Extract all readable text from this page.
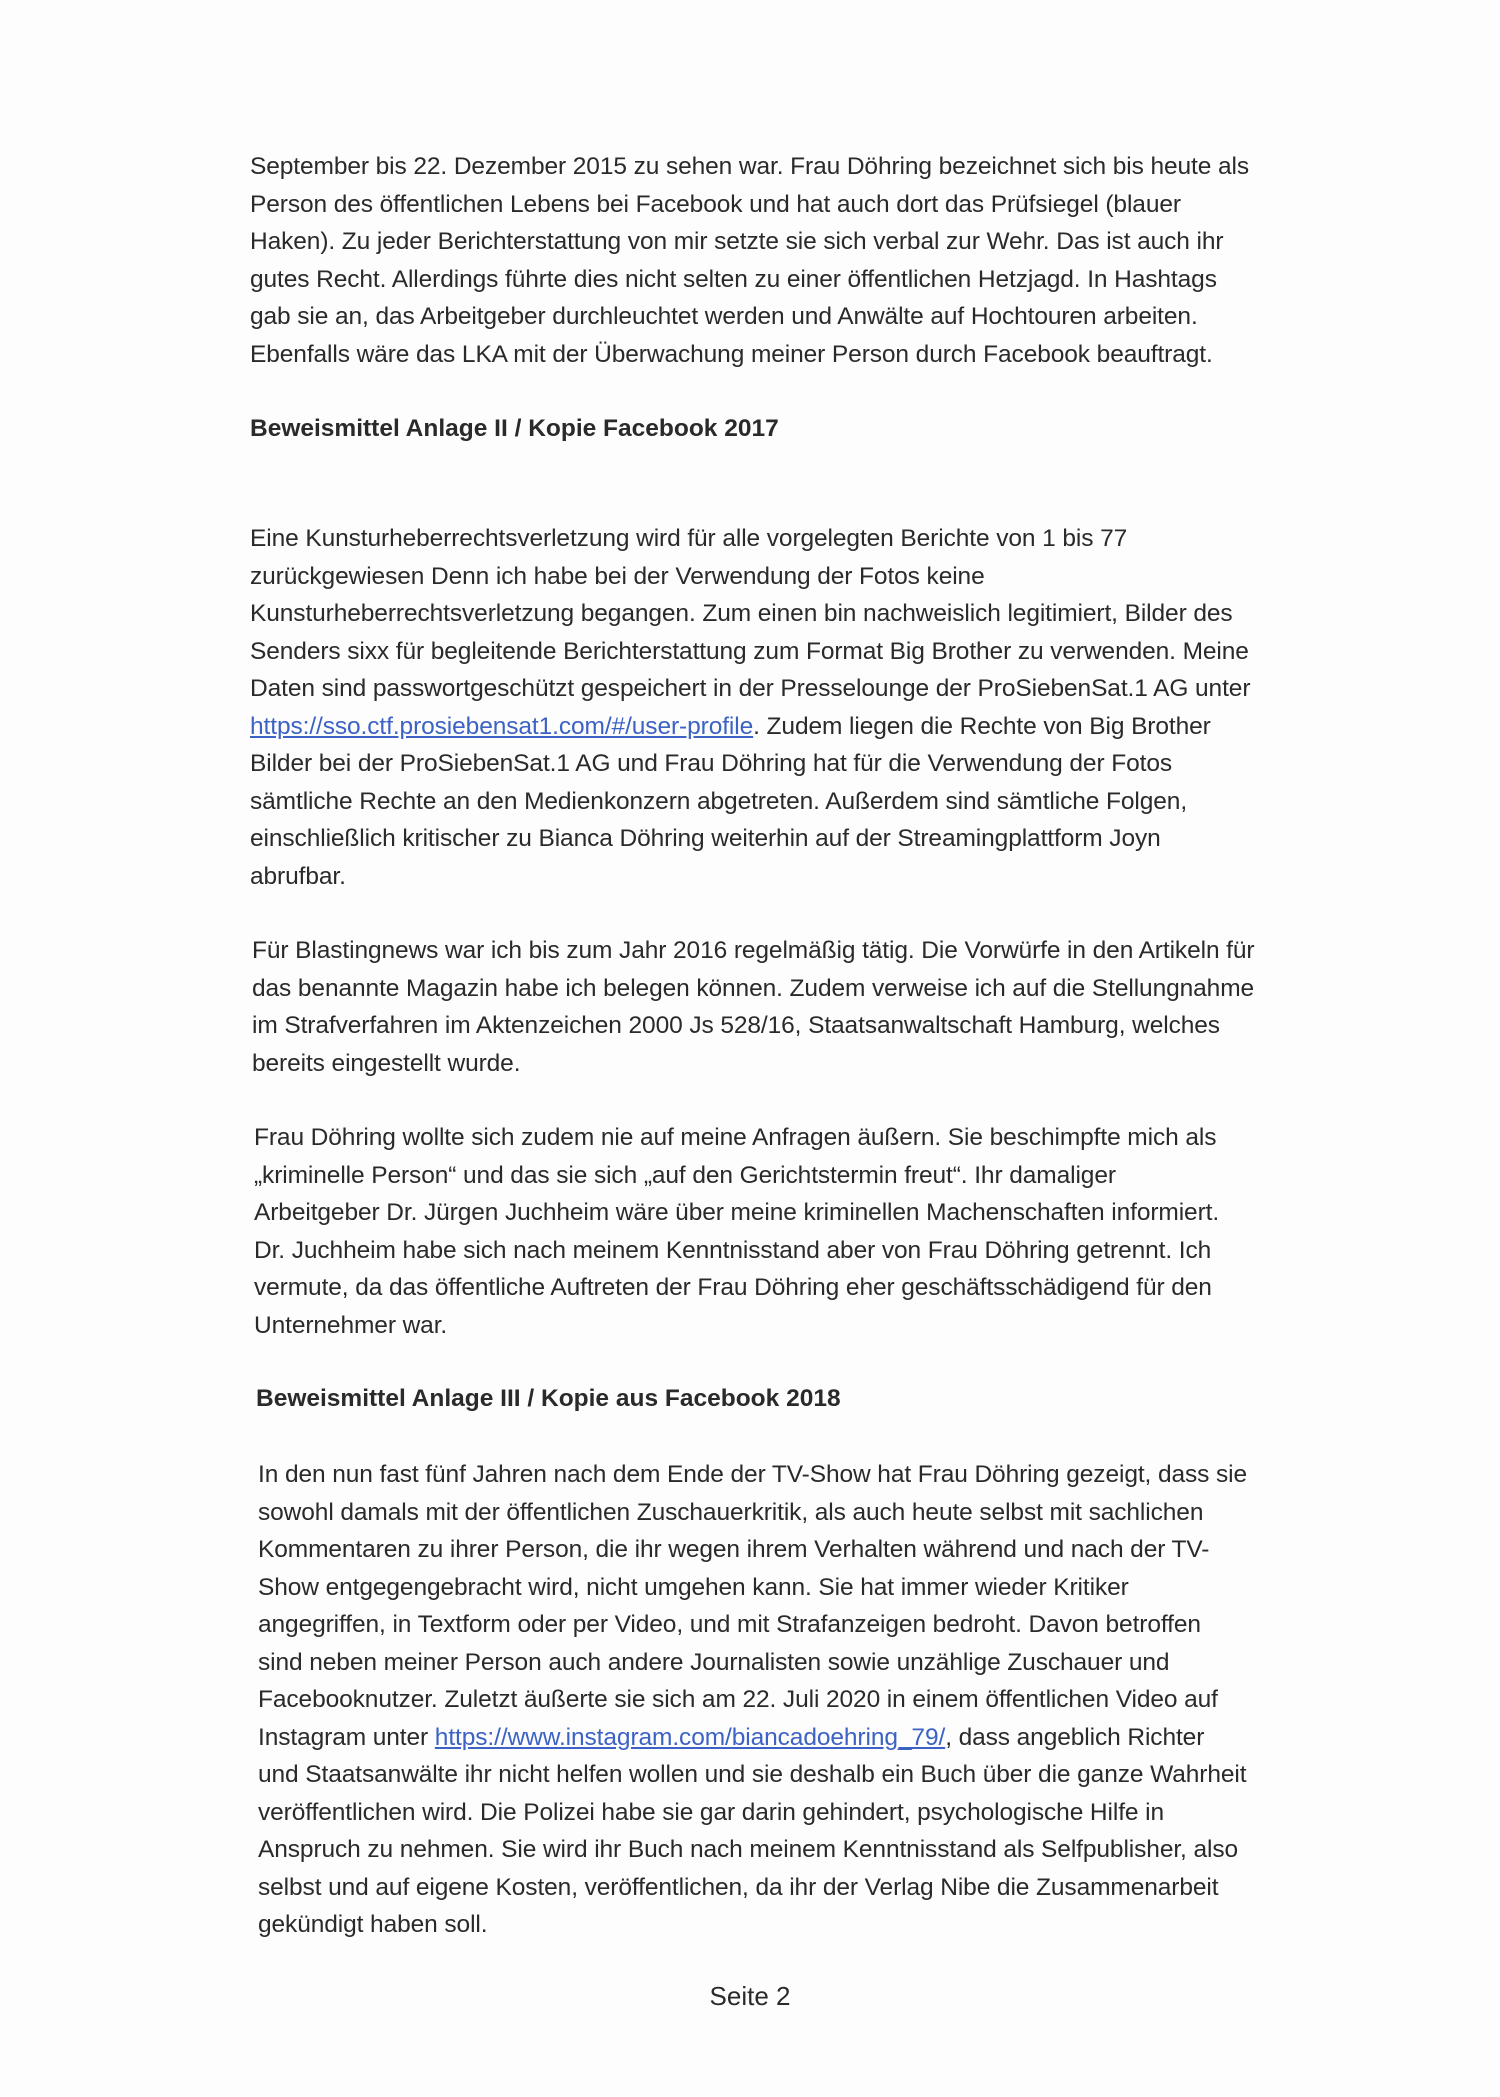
September bis 22. Dezember 2015 zu sehen war. Frau Döhring bezeichnet sich bis heute als
Person des öffentlichen Lebens bei Facebook und hat auch dort das Prüfsiegel (blauer
Haken). Zu jeder Berichterstattung von mir setzte sie sich verbal zur Wehr. Das ist auch ihr
gutes Recht. Allerdings führte dies nicht selten zu einer öffentlichen Hetzjagd. In Hashtags
gab sie an, das Arbeitgeber durchleuchtet werden und Anwälte auf Hochtouren arbeiten.
Ebenfalls wäre das LKA mit der Überwachung meiner Person durch Facebook beauftragt.
Beweismittel Anlage II / Kopie Facebook 2017
Eine Kunsturheberrechtsverletzung wird für alle vorgelegten Berichte von 1 bis 77
zurückgewiesen Denn ich habe bei der Verwendung der Fotos keine
Kunsturheberrechtsverletzung begangen. Zum einen bin nachweislich legitimiert, Bilder des
Senders sixx für begleitende Berichterstattung zum Format Big Brother zu verwenden. Meine
Daten sind passwortgeschützt gespeichert in der Presselounge der ProSiebenSat.1 AG unter
https://sso.ctf.prosiebensat1.com/#/user-profile. Zudem liegen die Rechte von Big Brother
Bilder bei der ProSiebenSat.1 AG und Frau Döhring hat für die Verwendung der Fotos
sämtliche Rechte an den Medienkonzern abgetreten. Außerdem sind sämtliche Folgen,
einschließlich kritischer zu Bianca Döhring weiterhin auf der Streamingplattform Joyn
abrufbar.
Für Blastingnews war ich bis zum Jahr 2016 regelmäßig tätig. Die Vorwürfe in den Artikeln für
das benannte Magazin habe ich belegen können. Zudem verweise ich auf die Stellungnahme
im Strafverfahren im Aktenzeichen 2000 Js 528/16, Staatsanwaltschaft Hamburg, welches
bereits eingestellt wurde.
Frau Döhring wollte sich zudem nie auf meine Anfragen äußern. Sie beschimpfte mich als
„kriminelle Person“ und das sie sich „auf den Gerichtstermin freut“. Ihr damaliger
Arbeitgeber Dr. Jürgen Juchheim wäre über meine kriminellen Machenschaften informiert.
Dr. Juchheim habe sich nach meinem Kenntnisstand aber von Frau Döhring getrennt. Ich
vermute, da das öffentliche Auftreten der Frau Döhring eher geschäftsschädigend für den
Unternehmer war.
Beweismittel Anlage III / Kopie aus Facebook 2018
In den nun fast fünf Jahren nach dem Ende der TV-Show hat Frau Döhring gezeigt, dass sie
sowohl damals mit der öffentlichen Zuschauerkritik, als auch heute selbst mit sachlichen
Kommentaren zu ihrer Person, die ihr wegen ihrem Verhalten während und nach der TV-
Show entgegengebracht wird, nicht umgehen kann. Sie hat immer wieder Kritiker
angegriffen, in Textform oder per Video, und mit Strafanzeigen bedroht. Davon betroffen
sind neben meiner Person auch andere Journalisten sowie unzählige Zuschauer und
Facebooknutzer. Zuletzt äußerte sie sich am 22. Juli 2020 in einem öffentlichen Video auf
Instagram unter https://www.instagram.com/biancadoehring_79/, dass angeblich Richter
und Staatsanwälte ihr nicht helfen wollen und sie deshalb ein Buch über die ganze Wahrheit
veröffentlichen wird. Die Polizei habe sie gar darin gehindert, psychologische Hilfe in
Anspruch zu nehmen. Sie wird ihr Buch nach meinem Kenntnisstand als Selfpublisher, also
selbst und auf eigene Kosten, veröffentlichen, da ihr der Verlag Nibe die Zusammenarbeit
gekündigt haben soll.
Seite 2
